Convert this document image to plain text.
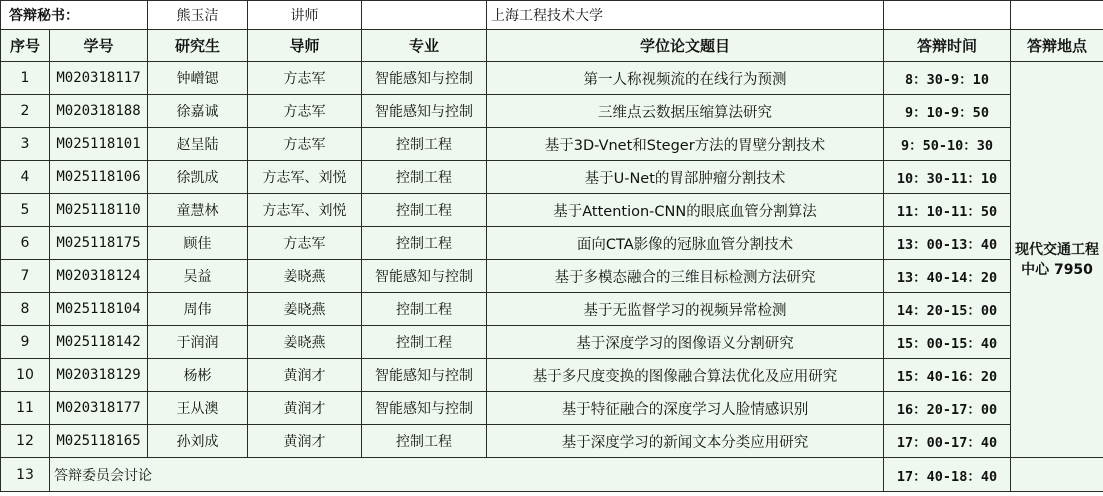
答辩秘书：		熊玉洁	讲师		上海工程技术大学		
序号	学号	研究生	导师	专业	学位论文题目	答辩时间	答辩地点
1	M020318117	钟嶒锶	方志军	智能感知与控制	第一人称视频流的在线行为预测	8：30-9：10	现代交通工程中心 7950
2	M020318188	徐嘉诚	方志军	智能感知与控制	三维点云数据压缩算法研究	9：10-9：50	
3	M025118101	赵呈陆	方志军	控制工程	基于3D-Vnet和Steger方法的胃壁分割技术	9：50-10：30	
4	M025118106	徐凯成	方志军、刘悦	控制工程	基于U-Net的胃部肿瘤分割技术	10：30-11：10	
5	M025118110	童慧林	方志军、刘悦	控制工程	基于Attention-CNN的眼底血管分割算法	11：10-11：50	
6	M025118175	顾佳	方志军	控制工程	面向CTA影像的冠脉血管分割技术	13：00-13：40	
7	M020318124	吴益	姜晓燕	智能感知与控制	基于多模态融合的三维目标检测方法研究	13：40-14：20	
8	M025118104	周伟	姜晓燕	控制工程	基于无监督学习的视频异常检测	14：20-15：00	
9	M025118142	于润润	姜晓燕	控制工程	基于深度学习的图像语义分割研究	15：00-15：40	
10	M020318129	杨彬	黄润才	智能感知与控制	基于多尺度变换的图像融合算法优化及应用研究	15：40-16：20	
11	M020318177	王从澳	黄润才	智能感知与控制	基于特征融合的深度学习人脸情感识别	16：20-17：00	
12	M025118165	孙刘成	黄润才	控制工程	基于深度学习的新闻文本分类应用研究	17：00-17：40	
13	答辩委员会讨论					17：40-18：40	
